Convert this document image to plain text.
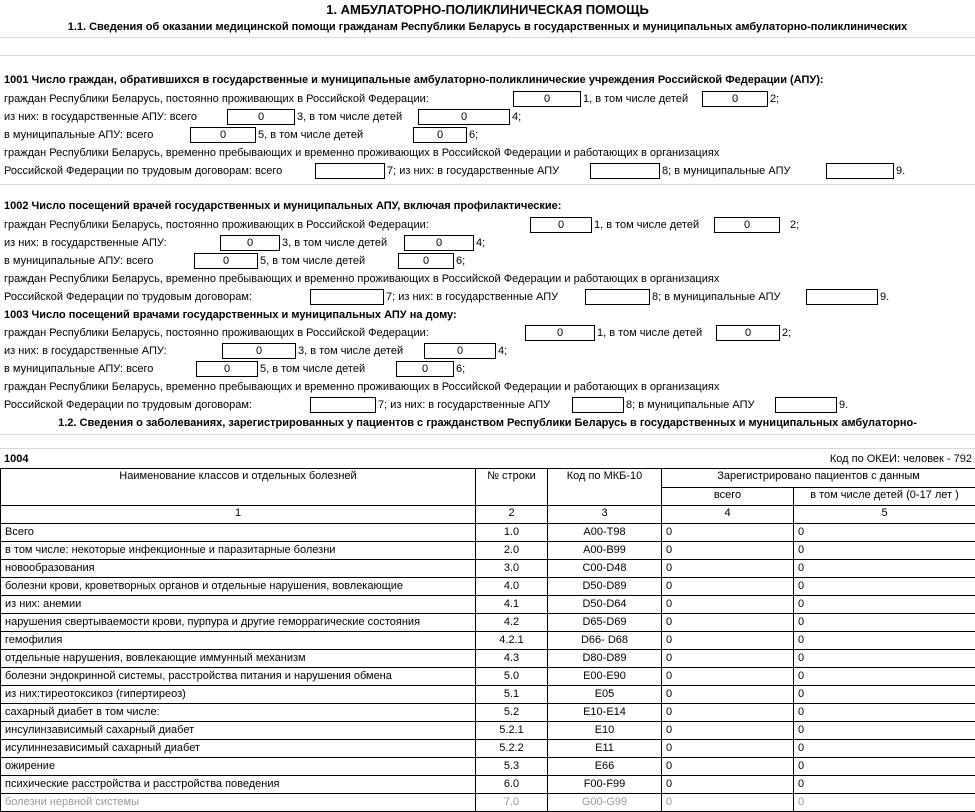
1. АМБУЛАТОРНО-ПОЛИКЛИНИЧЕСКАЯ ПОМОЩЬ
1.1. Сведения об оказании медицинской помощи гражданам Республики Беларусь в государственных и муниципальных амбулаторно-поликлинических
1001 Число граждан, обратившихся в государственные и муниципальные амбулаторно-поликлинические учреждения Российской Федерации (АПУ):
граждан Республики Беларусь, постоянно проживающих в Российской Федерации:	0	1, в том числе детей	0	2;
из них: в государственные АПУ: всего	0	3, в том числе детей	0	4;
в муниципальные АПУ: всего	0	5, в том числе детей	0	6;
граждан Республики Беларусь, временно пребывающих и временно проживающих в Российской Федерации и работающих в организациях
Российской Федерации по трудовым договорам: всего	7; из них: в государственные АПУ	8; в муниципальные АПУ	9.
1002 Число посещений врачей государственных и муниципальных АПУ, включая профилактические:
граждан Республики Беларусь, постоянно проживающих в Российской Федерации:	0	1, в том числе детей	0	2;
из них: в государственные АПУ:	0	3, в том числе детей	0	4;
в муниципальные АПУ: всего	0	5, в том числе детей	0	6;
граждан Республики Беларусь, временно пребывающих и временно проживающих в Российской Федерации и работающих в организациях
Российской Федерации по трудовым договорам:	7; из них: в государственные АПУ	8; в муниципальные АПУ	9.
1003 Число посещений врачами государственных и муниципальных АПУ на дому:
граждан Республики Беларусь, постоянно проживающих в Российской Федерации:	0	1, в том числе детей	0	2;
из них: в государственные АПУ:	0	3, в том числе детей	0	4;
в муниципальные АПУ: всего	0	5, в том числе детей	0	6;
граждан Республики Беларусь, временно пребывающих и временно проживающих в Российской Федерации и работающих в организациях
Российской Федерации по трудовым договорам:	7; из них: в государственные АПУ	8; в муниципальные АПУ	9.
1.2. Сведения о заболеваниях, зарегистрированных у пациентов с гражданством Республики Беларусь в государственных и муниципальных амбулаторно-
1004	Код по ОКЕИ: человек - 792
Наименование классов и отдельных болезней	№ строки	Код по МКБ-10	Зарегистрировано пациентов с данным	
			всего	в том числе детей (0-17 лет )
1	2	3	4	5
Всего	1.0	A00-T98	0	0
в том числе: некоторые инфекционные и паразитарные болезни	2.0	A00-B99	0	0
новообразования	3.0	C00-D48	0	0
болезни крови, кроветворных органов и отдельные нарушения, вовлекающие	4.0	D50-D89	0	0
из них: анемии	4.1	D50-D64	0	0
нарушения свертываемости крови, пурпура и другие геморрагические состояния	4.2	D65-D69	0	0
гемофилия	4.2.1	D66- D68	0	0
отдельные нарушения, вовлекающие иммунный механизм	4.3	D80-D89	0	0
болезни эндокринной системы, расстройства питания и нарушения обмена	5.0	E00-E90	0	0
из них:тиреотоксикоз (гипертиреоз)	5.1	E05	0	0
сахарный диабет в том числе:	5.2	E10-E14	0	0
инсулинзависимый сахарный диабет	5.2.1	E10	0	0
исулиннезависимый сахарный диабет	5.2.2	E11	0	0
ожирение	5.3	E66	0	0
психические расстройства и расстройства поведения	6.0	F00-F99	0	0
болезни нервной системы	7.0	G00-G99	0	0
